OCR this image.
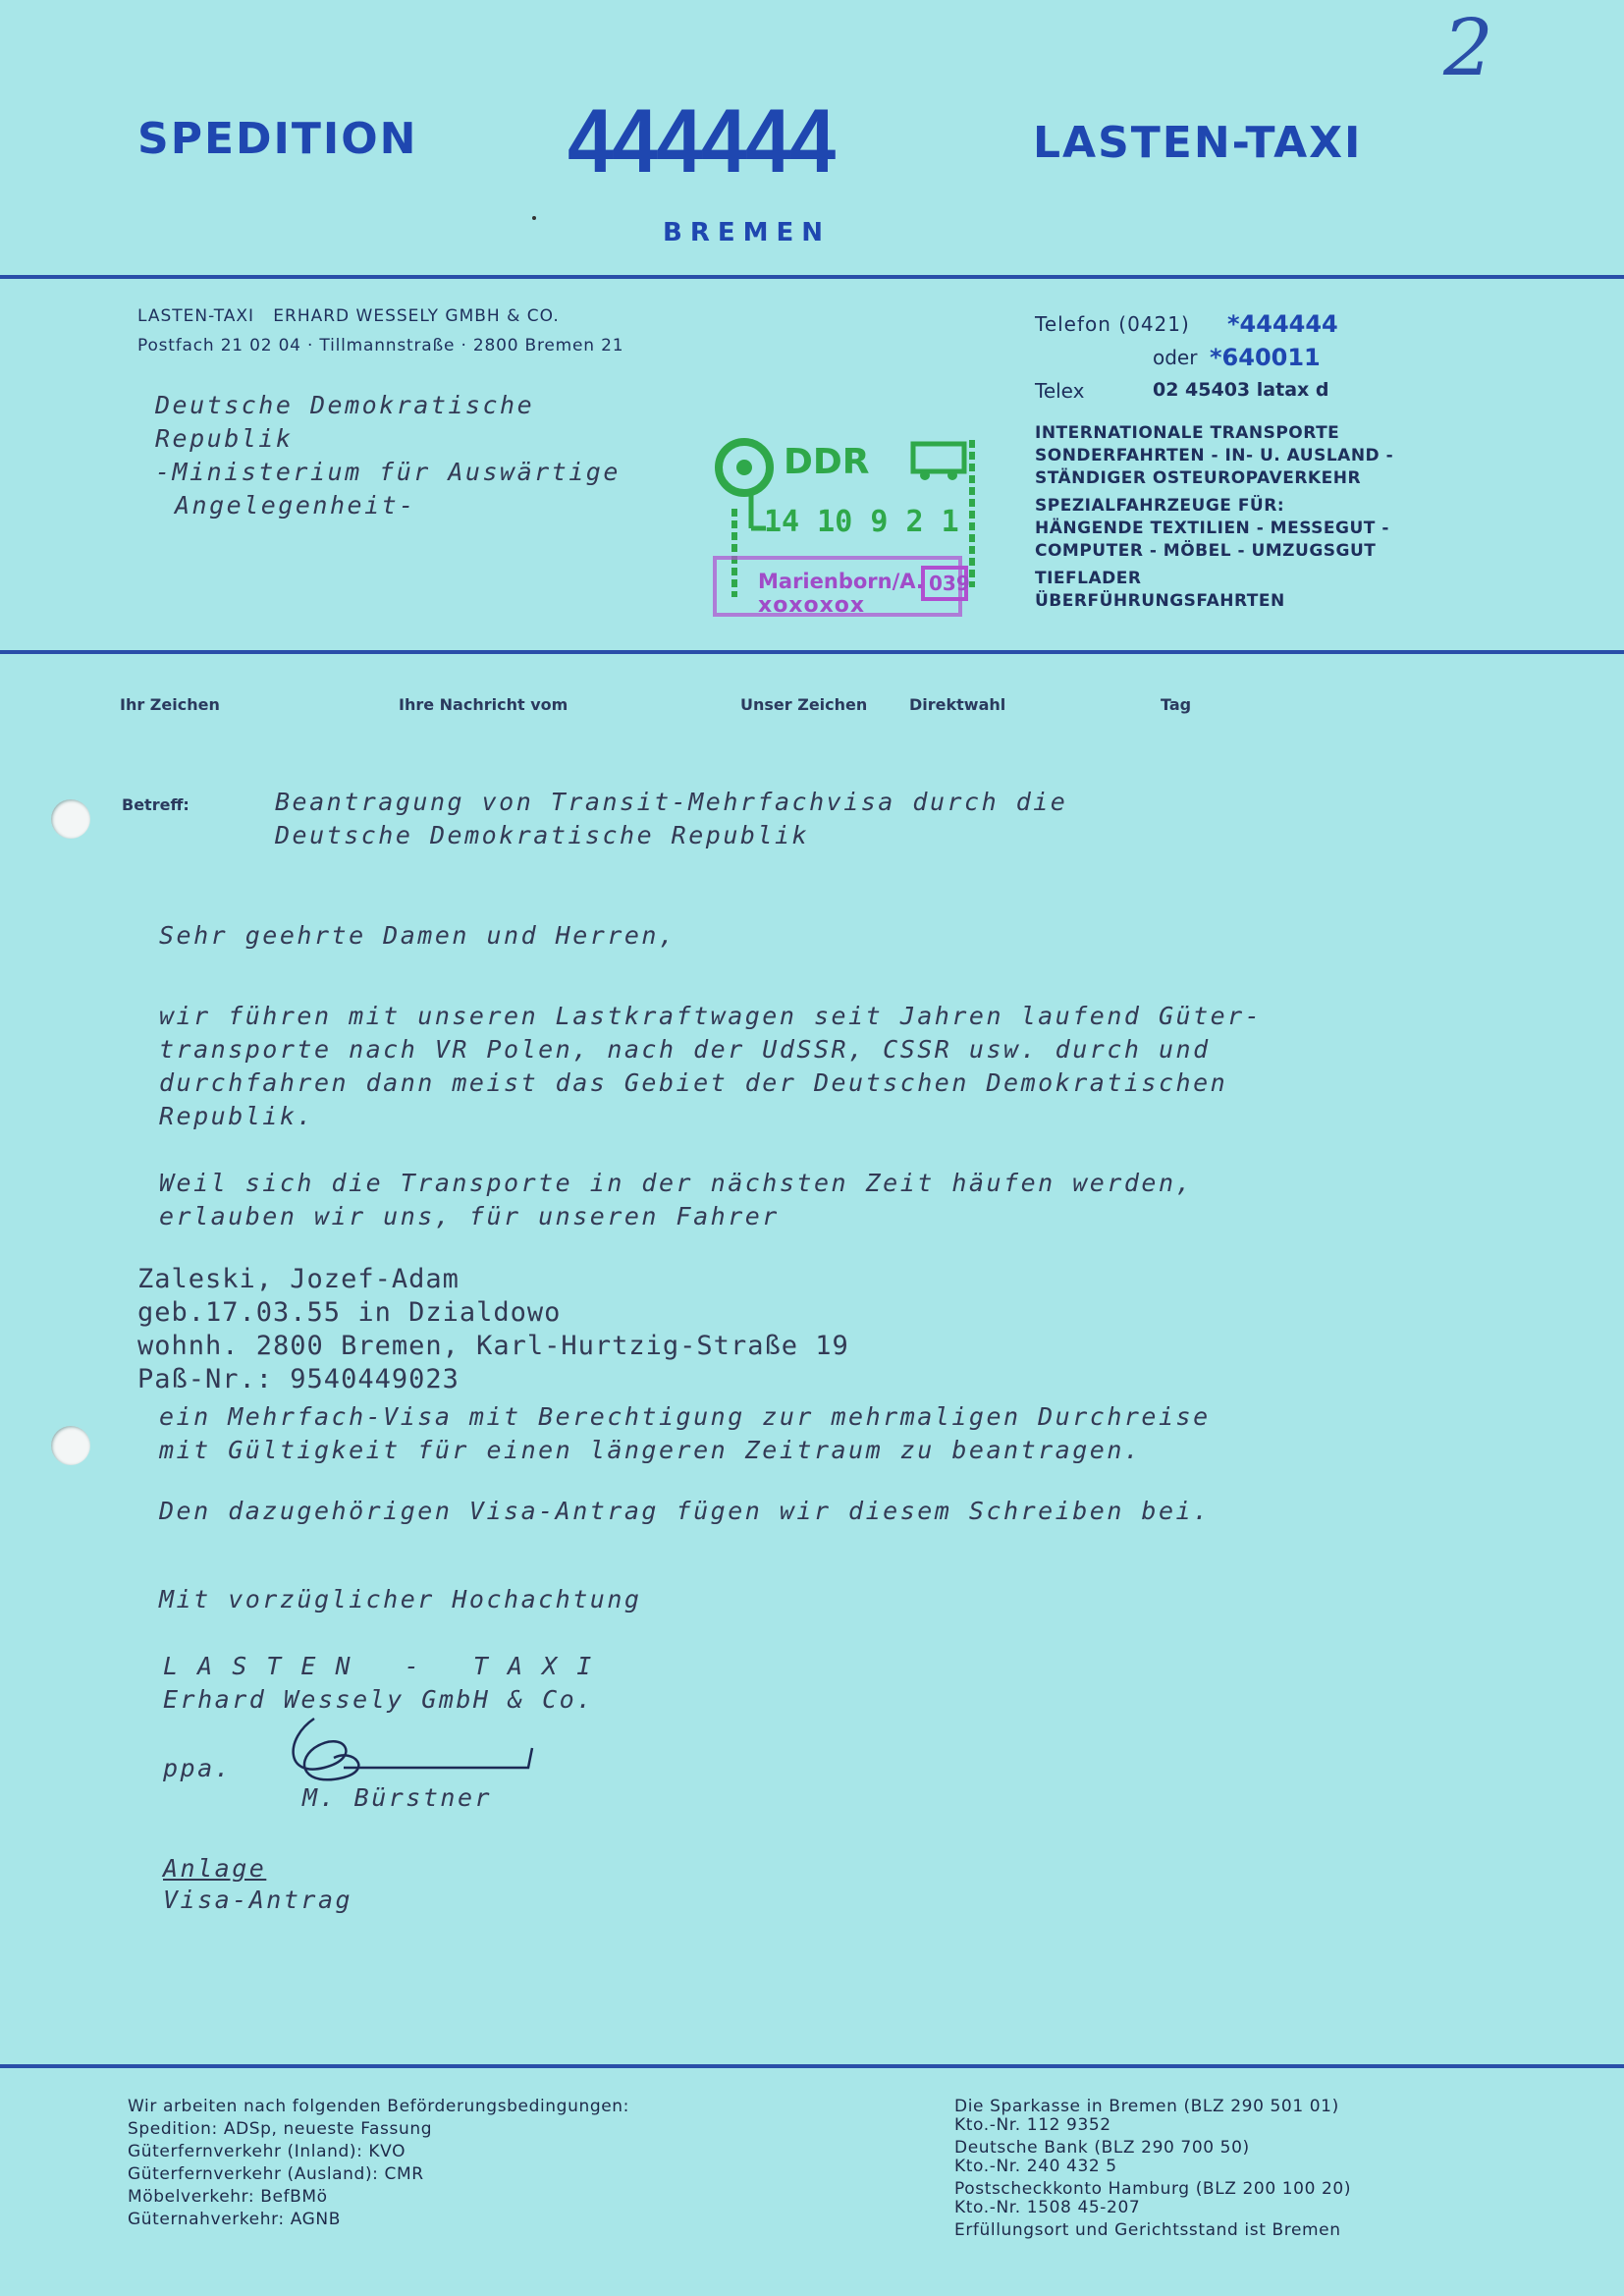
2
SPEDITION 444444	LASTEN-TAXI
BREMEN
LASTEN-TAXI   ERHARD WESSELY GMBH & CO.
Postfach 21 02 04 · Tillmannstraße · 2800 Bremen 21
Telefon (0421) *444444
oder *640011
Telex	02 45403 latax d
INTERNATIONALE TRANSPORTE
SONDERFAHRTEN - IN- U. AUSLAND -
STÄNDIGER OSTEUROPAVERKEHR
SPEZIALFAHRZEUGE FÜR:
HÄNGENDE TEXTILIEN - MESSEGUT -
COMPUTER - MÖBEL - UMZUGSGUT
TIEFLADER
ÜBERFÜHRUNGSFAHRTEN
Deutsche Demokratische
Republik
-Ministerium für Auswärtige
Angelegenheit-
DDR
14 10 9 2 1
Marienborn/A.
xoxoxox
039
Ihr Zeichen	Ihre Nachricht vom	Unser Zeichen	Direktwahl	Tag
Betreff:	Beantragung von Transit-Mehrfachvisa durch die
Deutsche Demokratische Republik
Sehr geehrte Damen und Herren,
wir führen mit unseren Lastkraftwagen seit Jahren laufend Güter-
transporte nach VR Polen, nach der UdSSR, CSSR usw. durch und
durchfahren dann meist das Gebiet der Deutschen Demokratischen
Republik.
Weil sich die Transporte in der nächsten Zeit häufen werden,
erlauben wir uns, für unseren Fahrer
Zaleski, Jozef-Adam
geb.17.03.55 in Dzialdowo
wohnh. 2800 Bremen, Karl-Hurtzig-Straße 19
Paß-Nr.: 9540449023
ein Mehrfach-Visa mit Berechtigung zur mehrmaligen Durchreise
mit Gültigkeit für einen längeren Zeitraum zu beantragen.
Den dazugehörigen Visa-Antrag fügen wir diesem Schreiben bei.
Mit vorzüglicher Hochachtung
L A S T E N   -   T A X I
Erhard Wessely GmbH & Co.
ppa.
M. Bürstner
Anlage
Visa-Antrag
Wir arbeiten nach folgenden Beförderungsbedingungen:
Spedition: ADSp, neueste Fassung
Güterfernverkehr (Inland): KVO
Güterfernverkehr (Ausland): CMR
Möbelverkehr: BefBMö
Güternahverkehr: AGNB
Die Sparkasse in Bremen (BLZ 290 501 01)
Kto.-Nr. 112 9352
Deutsche Bank (BLZ 290 700 50)
Kto.-Nr. 240 432 5
Postscheckkonto Hamburg (BLZ 200 100 20)
Kto.-Nr. 1508 45-207
Erfüllungsort und Gerichtsstand ist Bremen
